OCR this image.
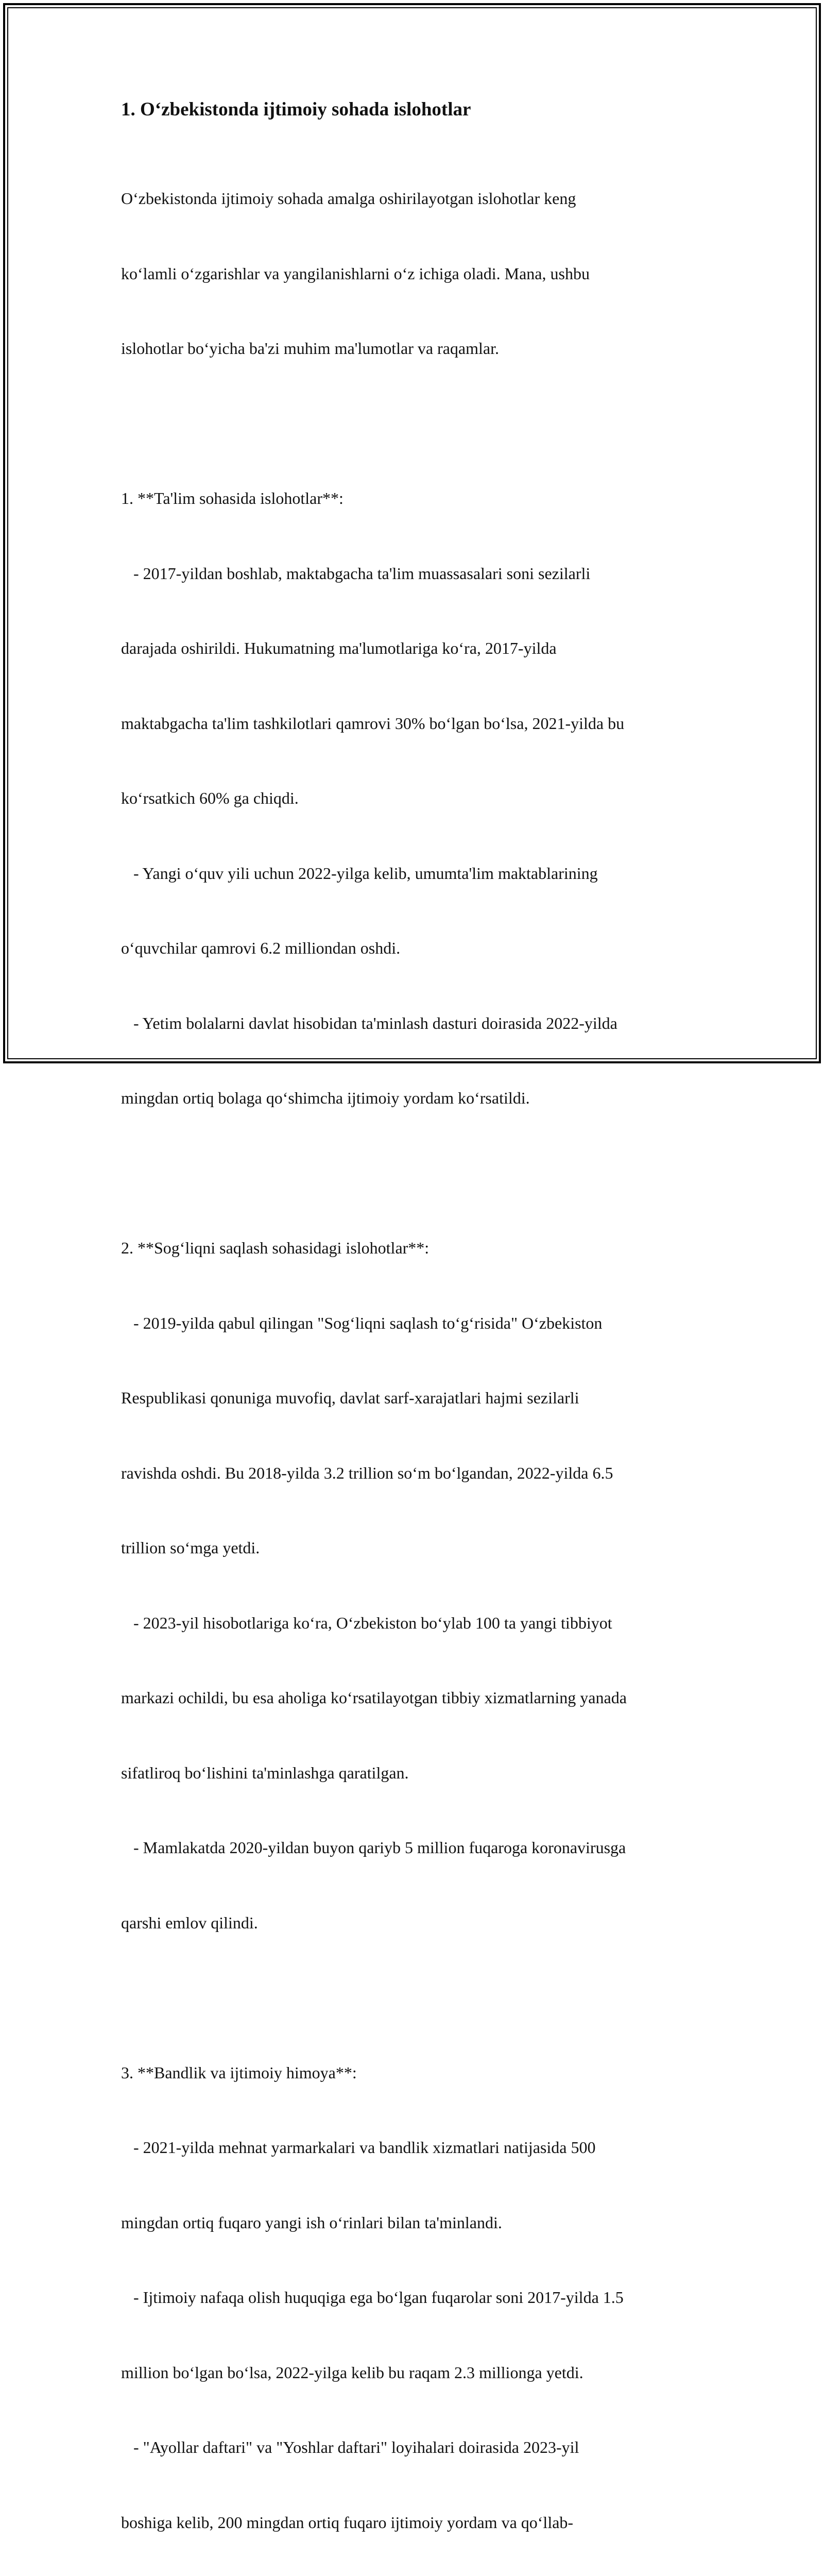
1. O‘zbekistonda ijtimoiy sohada islohotlar

O‘zbekistonda ijtimoiy sohada amalga oshirilayotgan islohotlar keng

ko‘lamli o‘zgarishlar va yangilanishlarni o‘z ichiga oladi. Mana, ushbu

islohotlar bo‘yicha ba'zi muhim ma'lumotlar va raqamlar.

1. **Ta'lim sohasida islohotlar**:

- 2017-yildan boshlab, maktabgacha ta'lim muassasalari soni sezilarli

darajada oshirildi. Hukumatning ma'lumotlariga ko‘ra, 2017-yilda

maktabgacha ta'lim tashkilotlari qamrovi 30% bo‘lgan bo‘lsa, 2021-yilda bu

ko‘rsatkich 60% ga chiqdi.

- Yangi o‘quv yili uchun 2022-yilga kelib, umumta'lim maktablarining

o‘quvchilar qamrovi 6.2 milliondan oshdi.

- Yetim bolalarni davlat hisobidan ta'minlash dasturi doirasida 2022-yilda

mingdan ortiq bolaga qo‘shimcha ijtimoiy yordam ko‘rsatildi.

2. **Sog‘liqni saqlash sohasidagi islohotlar**:

- 2019-yilda qabul qilingan "Sog‘liqni saqlash to‘g‘risida" O‘zbekiston

Respublikasi qonuniga muvofiq, davlat sarf-xarajatlari hajmi sezilarli

ravishda oshdi. Bu 2018-yilda 3.2 trillion so‘m bo‘lgandan, 2022-yilda 6.5

trillion so‘mga yetdi.

- 2023-yil hisobotlariga ko‘ra, O‘zbekiston bo‘ylab 100 ta yangi tibbiyot

markazi ochildi, bu esa aholiga ko‘rsatilayotgan tibbiy xizmatlarning yanada

sifatliroq bo‘lishini ta'minlashga qaratilgan.

- Mamlakatda 2020-yildan buyon qariyb 5 million fuqaroga koronavirusga

qarshi emlov qilindi.

3. **Bandlik va ijtimoiy himoya**:

- 2021-yilda mehnat yarmarkalari va bandlik xizmatlari natijasida 500

mingdan ortiq fuqaro yangi ish o‘rinlari bilan ta'minlandi.

- Ijtimoiy nafaqa olish huquqiga ega bo‘lgan fuqarolar soni 2017-yilda 1.5

million bo‘lgan bo‘lsa, 2022-yilga kelib bu raqam 2.3 millionga yetdi.

- "Ayollar daftari" va "Yoshlar daftari" loyihalari doirasida 2023-yil

boshiga kelib, 200 mingdan ortiq fuqaro ijtimoiy yordam va qo‘llab-
